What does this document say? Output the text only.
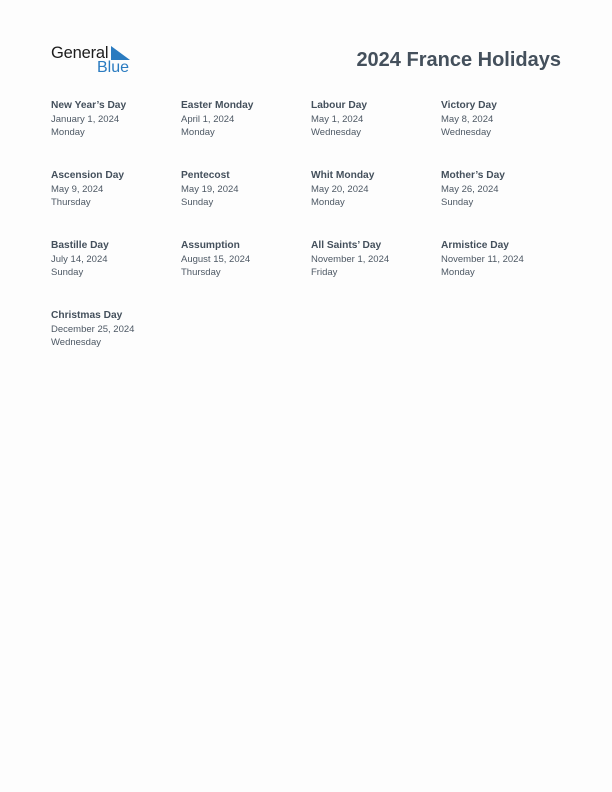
General
Blue	2024 France Holidays
New Year’s Day
January 1, 2024
Monday
Easter Monday
April 1, 2024
Monday
Labour Day
May 1, 2024
Wednesday
Victory Day
May 8, 2024
Wednesday
Ascension Day
May 9, 2024
Thursday
Pentecost
May 19, 2024
Sunday
Whit Monday
May 20, 2024
Monday
Mother’s Day
May 26, 2024
Sunday
Bastille Day
July 14, 2024
Sunday
Assumption
August 15, 2024
Thursday
All Saints’ Day
November 1, 2024
Friday
Armistice Day
November 11, 2024
Monday
Christmas Day
December 25, 2024
Wednesday
